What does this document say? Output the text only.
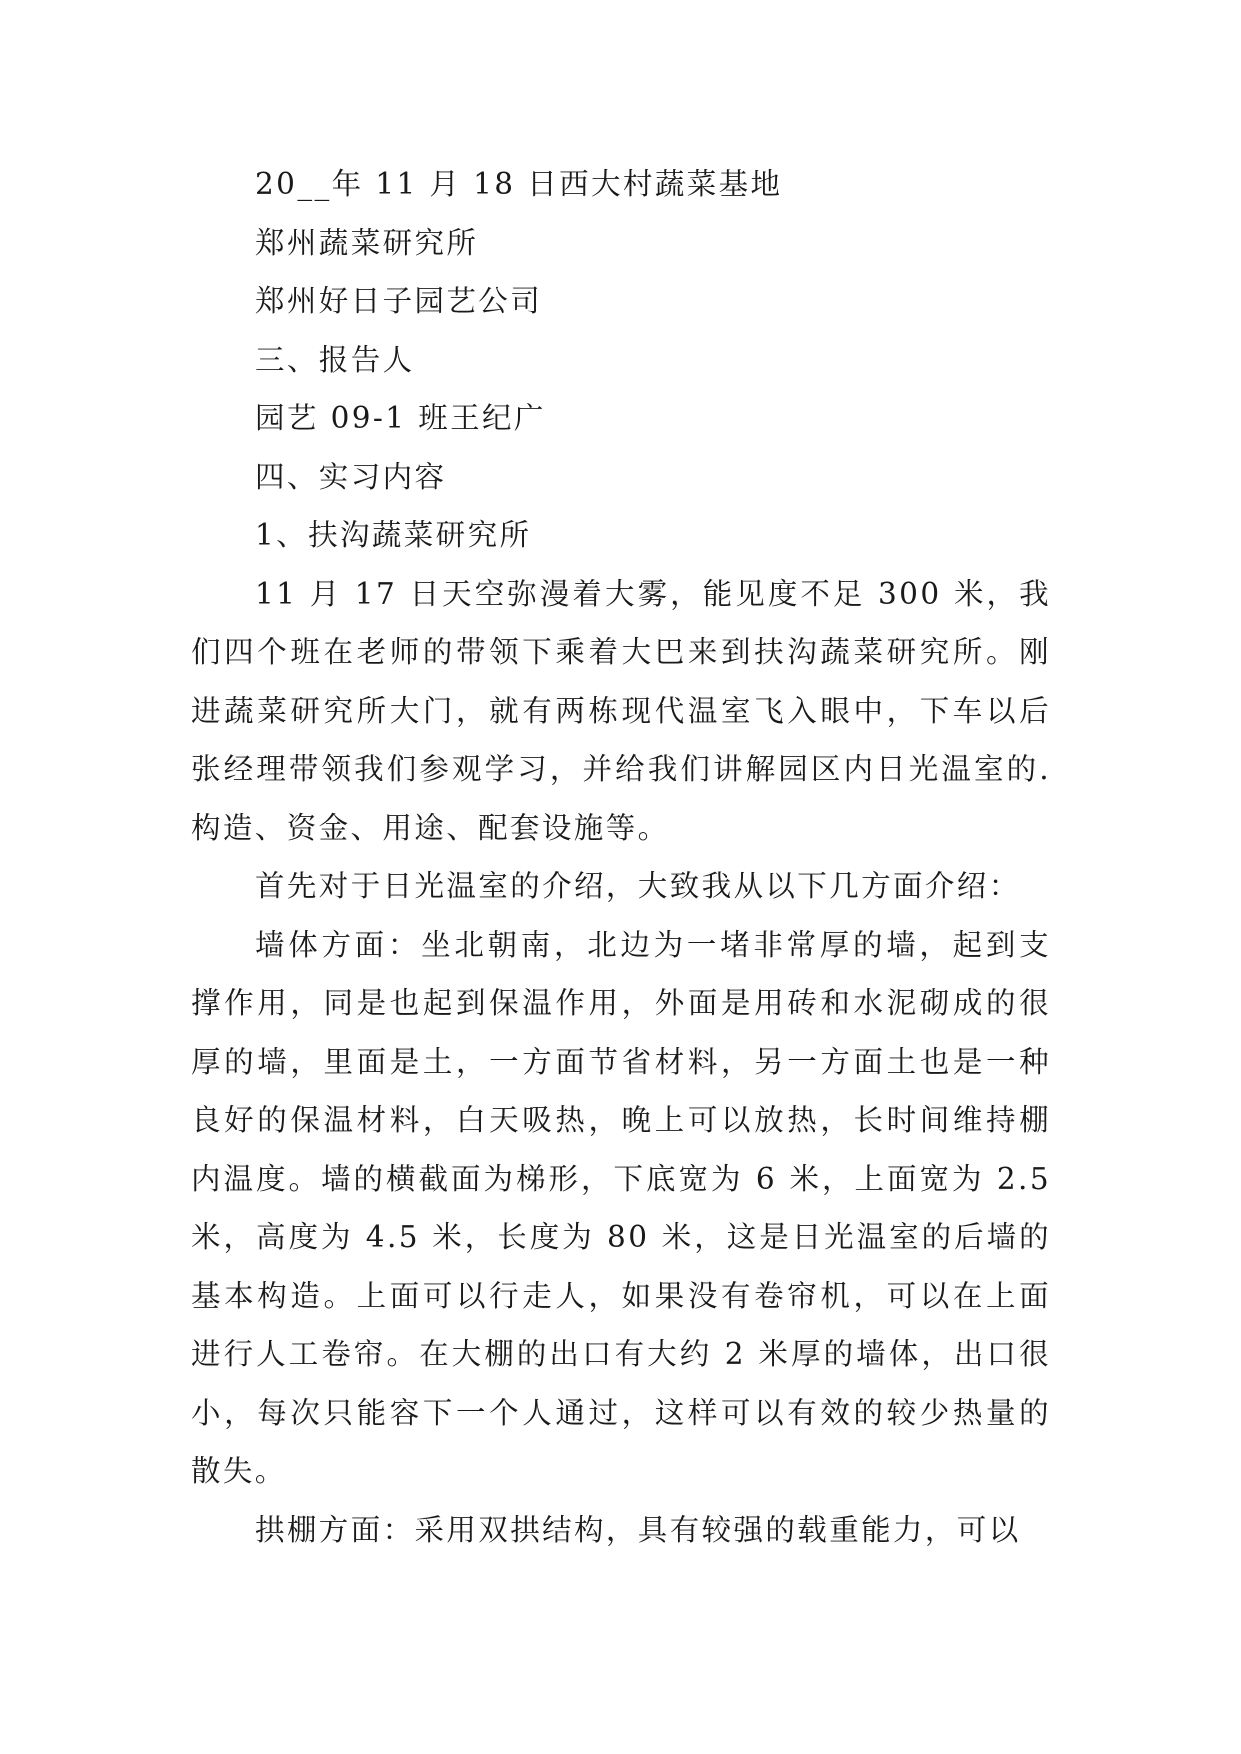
20__年 11 月 18 日西大村蔬菜基地

郑州蔬菜研究所

郑州好日子园艺公司

三、报告人

园艺 09-1 班王纪广

四、实习内容

1、扶沟蔬菜研究所

11 月 17 日天空弥漫着大雾，能见度不足 300 米，我们四个班在老师的带领下乘着大巴来到扶沟蔬菜研究所。刚进蔬菜研究所大门，就有两栋现代温室飞入眼中，下车以后张经理带领我们参观学习，并给我们讲解园区内日光温室的.构造、资金、用途、配套设施等。

首先对于日光温室的介绍，大致我从以下几方面介绍：

墙体方面：坐北朝南，北边为一堵非常厚的墙，起到支撑作用，同是也起到保温作用，外面是用砖和水泥砌成的很厚的墙，里面是土，一方面节省材料，另一方面土也是一种良好的保温材料，白天吸热，晚上可以放热，长时间维持棚内温度。墙的横截面为梯形，下底宽为 6 米，上面宽为 2.5 米，高度为 4.5 米，长度为 80 米，这是日光温室的后墙的基本构造。上面可以行走人，如果没有卷帘机，可以在上面进行人工卷帘。在大棚的出口有大约 2 米厚的墙体，出口很小，每次只能容下一个人通过，这样可以有效的较少热量的散失。

拱棚方面：采用双拱结构，具有较强的载重能力，可以
